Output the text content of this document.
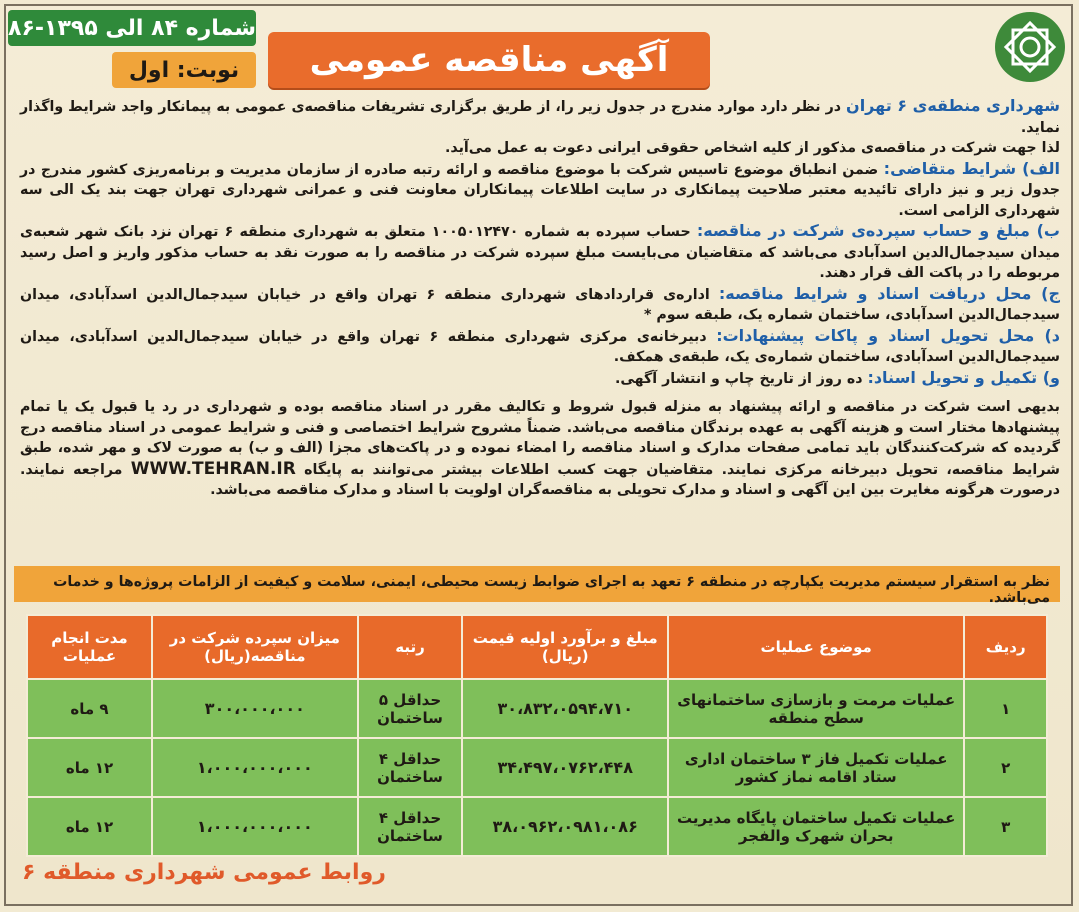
شماره ۸۴ الی ۱۳۹۵-۸۶
نوبت: اول	آگهی مناقصه عمومی

شهرداری منطقه‌ی ۶ تهران در نظر دارد موارد مندرج در جدول زیر را، از طریق برگزاری تشریفات مناقصه‌ی عمومی به پیمانکار واجد شرایط واگذار نماید.

لذا جهت شرکت در مناقصه‌ی مذکور از کلیه اشخاص حقوقی ایرانی دعوت به عمل می‌آید.

الف) شرایط متقاضی: ضمن انطباق موضوع تاسیس شرکت با موضوع مناقصه و ارائه رتبه صادره از سازمان مدیریت و برنامه‌ریزی کشور مندرج در جدول زیر و نیز دارای تائیدیه معتبر صلاحیت پیمانکاری در سایت اطلاعات پیمانکاران معاونت فنی و عمرانی شهرداری تهران جهت بند یک الی سه شهرداری الزامی است.

ب) مبلغ و حساب سپرده‌ی شرکت در مناقصه: حساب سپرده به شماره ۱۰۰۵۰۱۲۴۷۰ متعلق به شهرداری منطقه ۶ تهران نزد بانک شهر شعبه‌ی میدان سیدجمال‌الدین اسدآبادی می‌باشد که متقاضیان می‌بایست مبلغ سپرده شرکت در مناقصه را به صورت نقد به حساب مذکور واریز و اصل رسید مربوطه را در پاکت الف قرار دهند.

ج) محل دریافت اسناد و شرایط مناقصه: اداره‌ی قراردادهای شهرداری منطقه ۶ تهران واقع در خیابان سیدجمال‌الدین اسدآبادی، میدان سیدجمال‌الدین اسدآبادی، ساختمان شماره یک، طبقه سوم *

د) محل تحویل اسناد و پاکات پیشنهادات: دبیرخانه‌ی مرکزی شهرداری منطقه ۶ تهران واقع در خیابان سیدجمال‌الدین اسدآبادی، میدان سیدجمال‌الدین اسدآبادی، ساختمان شماره‌ی یک، طبقه‌ی همکف.

و) تکمیل و تحویل اسناد: ده روز از تاریخ چاپ و انتشار آگهی.

بدیهی است شرکت در مناقصه و ارائه پیشنهاد به منزله قبول شروط و تکالیف مقرر در اسناد مناقصه بوده و شهرداری در رد یا قبول یک یا تمام پیشنهادها مختار است و هزینه آگهی به عهده برندگان مناقصه می‌باشد. ضمناً مشروح شرایط اختصاصی و فنی و شرایط عمومی در اسناد مناقصه درج گردیده که شرکت‌کنندگان باید تمامی صفحات مدارک و اسناد مناقصه را امضاء نموده و در پاکت‌های مجزا (الف و ب) به صورت لاک و مهر شده، طبق شرایط مناقصه، تحویل دبیرخانه مرکزی نمایند. متقاضیان جهت کسب اطلاعات بیشتر می‌توانند به پایگاه WWW.TEHRAN.IR مراجعه نمایند. درصورت هرگونه مغایرت بین این آگهی و اسناد و مدارک تحویلی به مناقصه‌گران اولویت با اسناد و مدارک مناقصه می‌باشد.

نظر به استقرار سیستم مدیریت یکپارچه در منطقه ۶ تعهد به اجرای ضوابط زیست محیطی، ایمنی، سلامت و کیفیت از الزامات پروژه‌ها و خدمات می‌باشد.
ردیف	موضوع عملیات	مبلغ و برآورد اولیه قیمت (ریال)	رتبه	میزان سپرده شرکت در مناقصه(ریال)	مدت انجام عملیات
۱	عملیات مرمت و بازسازی ساختمانهای سطح منطقه	۳۰،۸۳۲،۰۵۹۴،۷۱۰	حداقل ۵ ساختمان	۳۰۰،۰۰۰،۰۰۰	۹ ماه
۲	عملیات تکمیل فاز ۳ ساختمان اداری ستاد اقامه نماز کشور	۳۴،۴۹۷،۰۷۶۲،۴۴۸	حداقل ۴ ساختمان	۱،۰۰۰،۰۰۰،۰۰۰	۱۲ ماه
۳	عملیات تکمیل ساختمان پایگاه مدیریت بحران شهرک والفجر	۳۸،۰۹۶۲،۰۹۸۱،۰۸۶	حداقل ۴ ساختمان	۱،۰۰۰،۰۰۰،۰۰۰	۱۲ ماه
روابط عمومی شهرداری منطقه ۶
